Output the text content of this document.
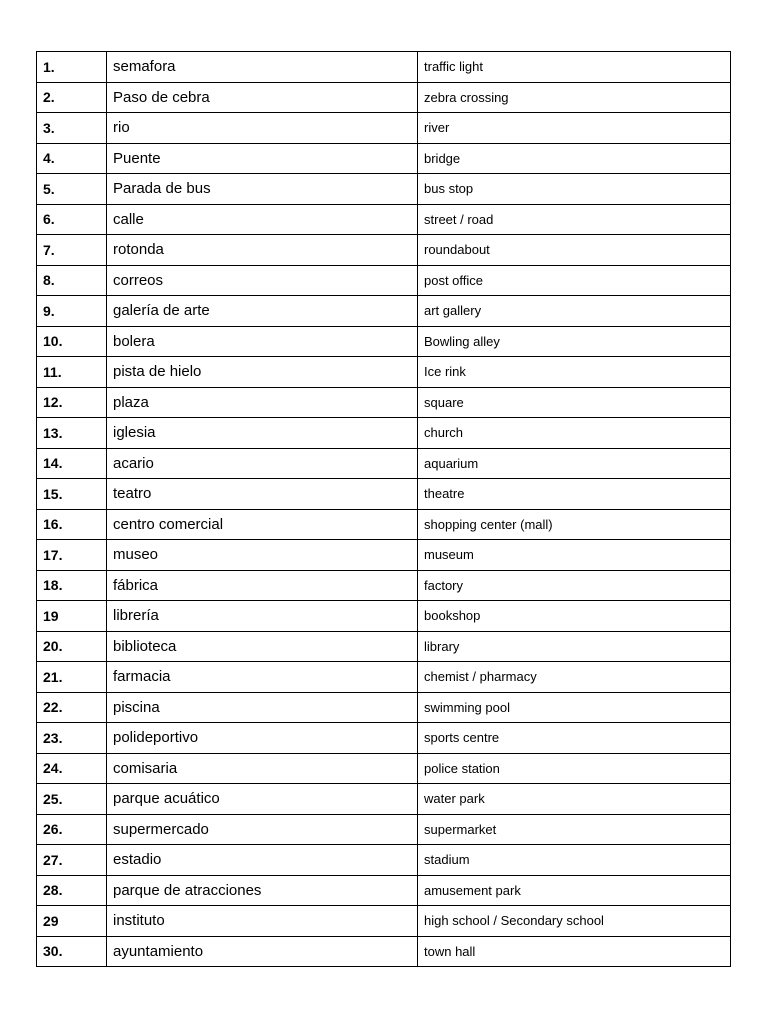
1.	semafora	traffic light
2.	Paso de cebra	zebra crossing
3.	rio	river
4.	Puente	bridge
5.	Parada de bus	bus stop
6.	calle	street / road
7.	rotonda	roundabout
8.	correos	post office
9.	galería de arte	art gallery
10.	bolera	Bowling alley
11.	pista de hielo	Ice rink
12.	plaza	square
13.	iglesia	church
14.	acario	aquarium
15.	teatro	theatre
16.	centro comercial	shopping center (mall)
17.	museo	museum
18.	fábrica	factory
19	librería	bookshop
20.	biblioteca	library
21.	farmacia	chemist / pharmacy
22.	piscina	swimming pool
23.	polideportivo	sports centre
24.	comisaria	police station
25.	parque acuático	water park
26.	supermercado	supermarket
27.	estadio	stadium
28.	parque de atracciones	amusement park
29	instituto	high school / Secondary school
30.	ayuntamiento	town hall
